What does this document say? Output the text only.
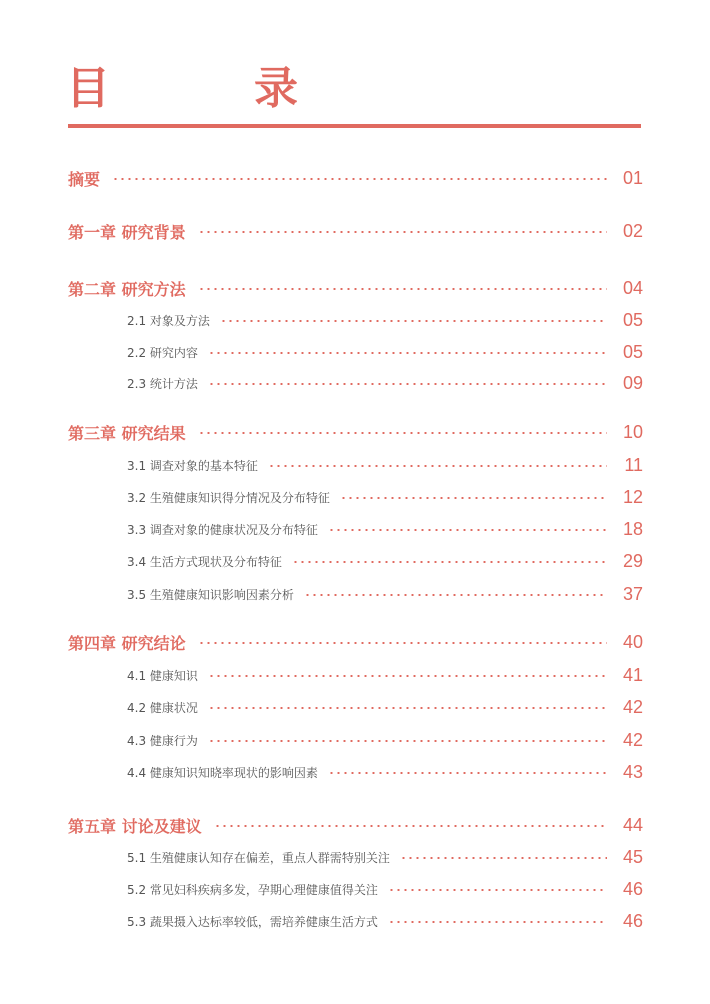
目　录
摘要	01
第一章 研究背景	02
第二章 研究方法	04
2.1 对象及方法	05
2.2 研究内容	05
2.3 统计方法	09
第三章 研究结果	10
3.1 调查对象的基本特征	11
3.2 生殖健康知识得分情况及分布特征	12
3.3 调查对象的健康状况及分布特征	18
3.4 生活方式现状及分布特征	29
3.5 生殖健康知识影响因素分析	37
第四章 研究结论	40
4.1 健康知识	41
4.2 健康状况	42
4.3 健康行为	42
4.4 健康知识知晓率现状的影响因素	43
第五章 讨论及建议	44
5.1 生殖健康认知存在偏差，重点人群需特别关注	45
5.2 常见妇科疾病多发，孕期心理健康值得关注	46
5.3 蔬果摄入达标率较低，需培养健康生活方式	46
